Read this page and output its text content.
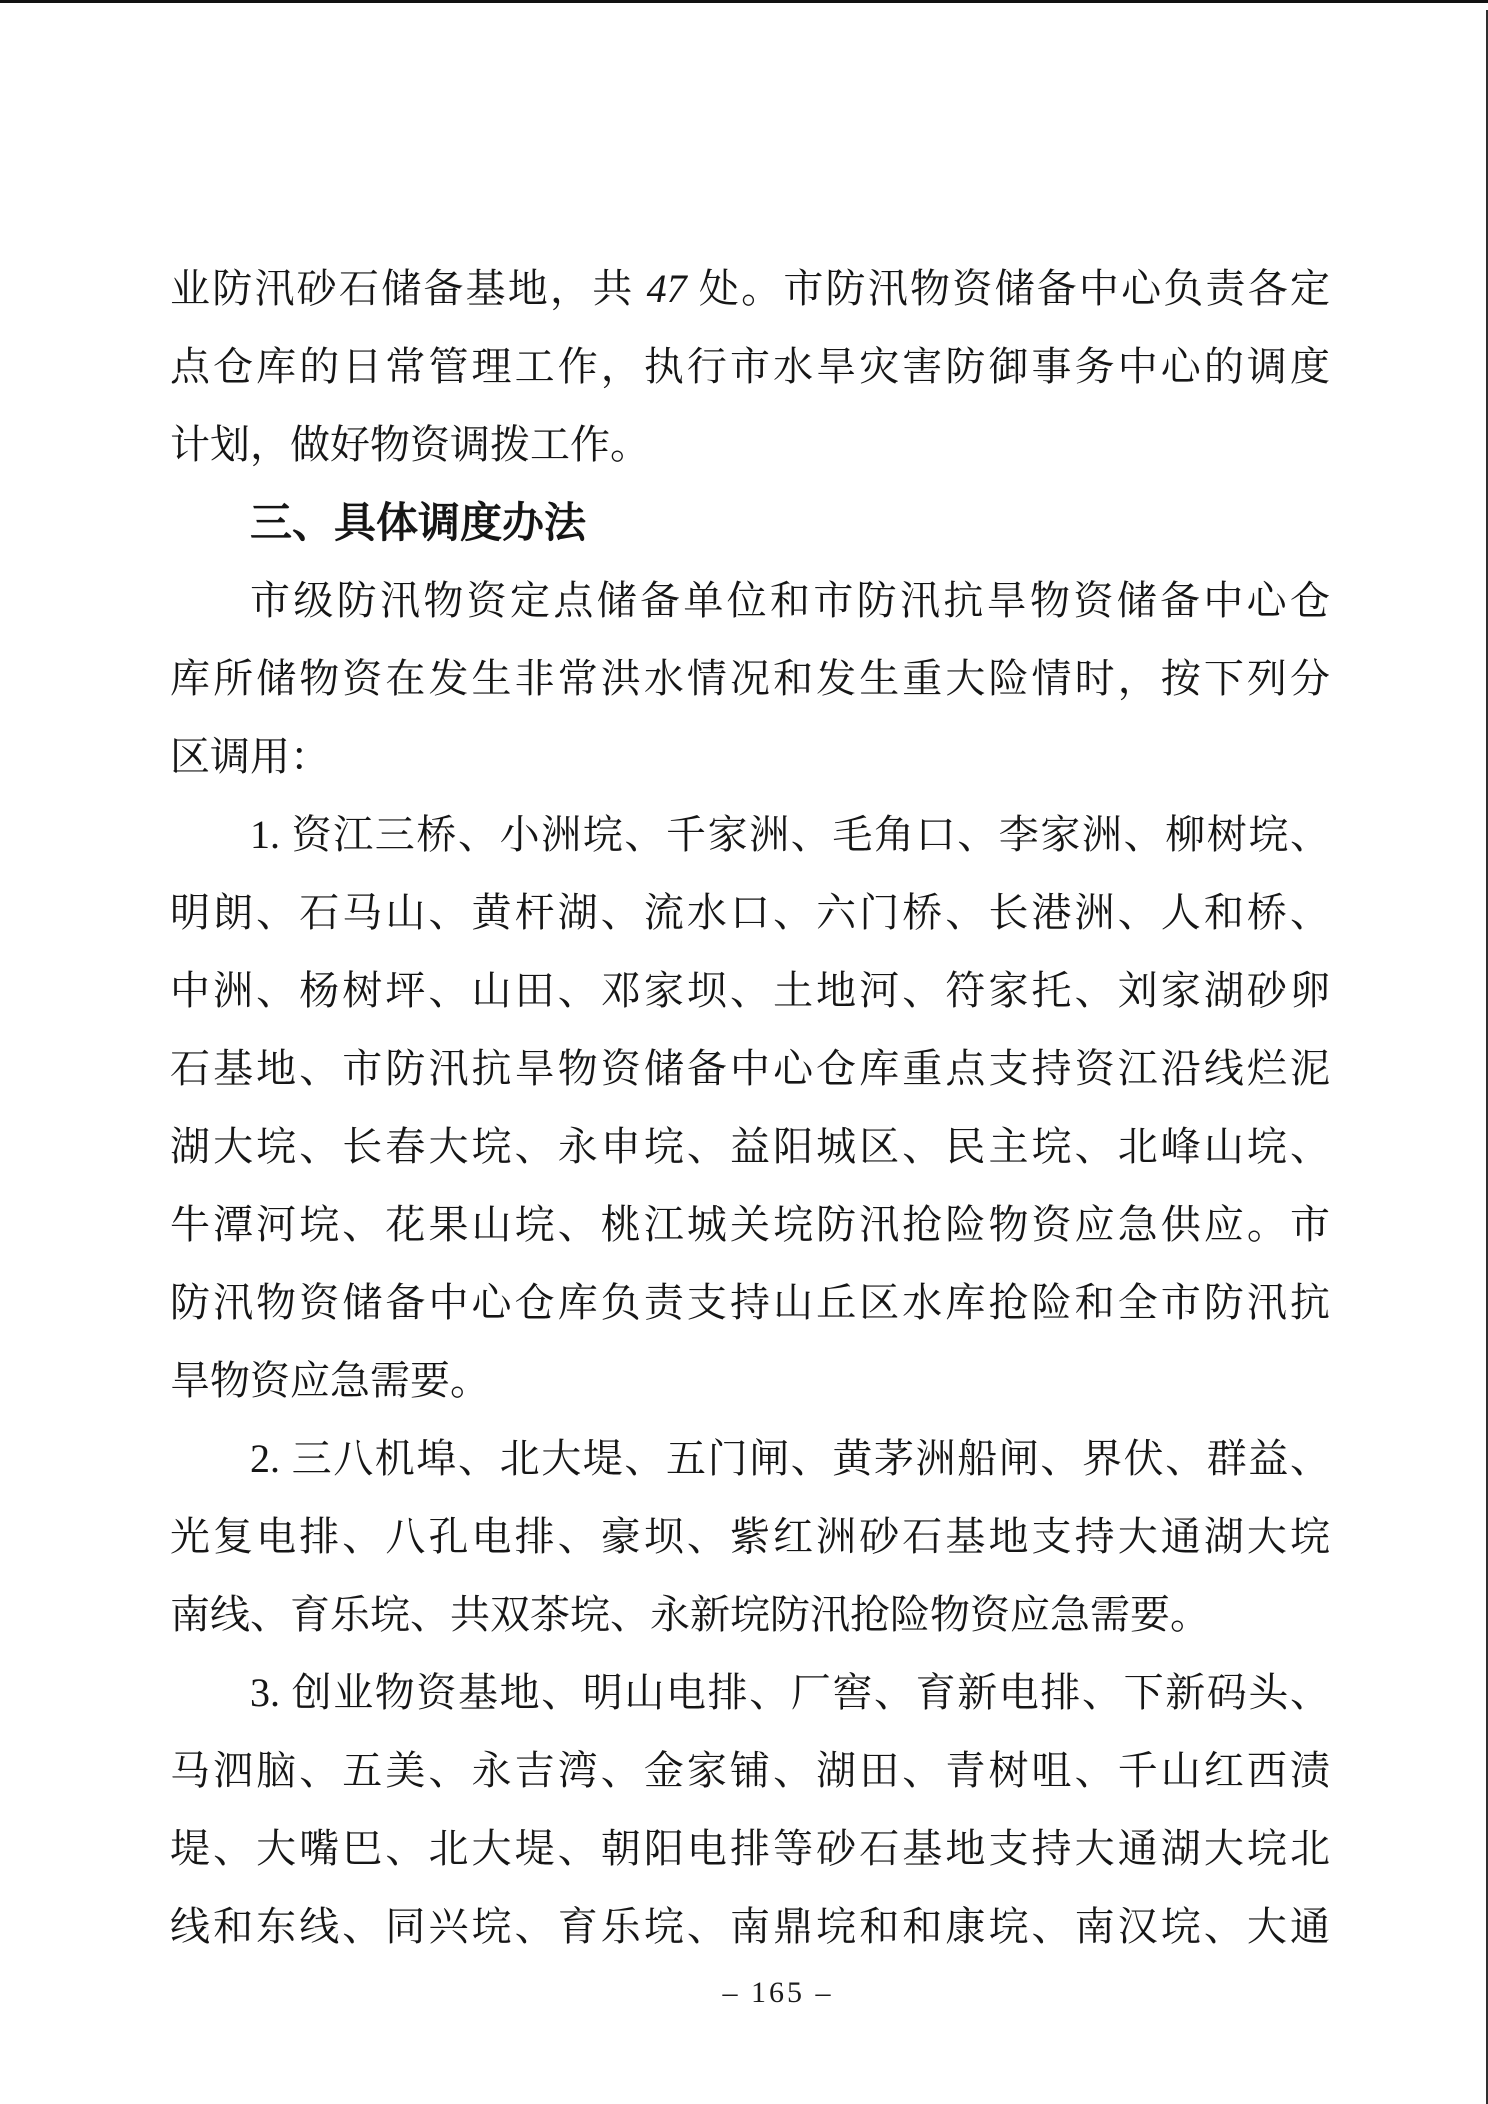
业防汛砂石储备基地，共 47 处。市防汛物资储备中心负责各定
点仓库的日常管理工作，执行市水旱灾害防御事务中心的调度
计划，做好物资调拨工作。
三、具体调度办法
市级防汛物资定点储备单位和市防汛抗旱物资储备中心仓
库所储物资在发生非常洪水情况和发生重大险情时，按下列分
区调用：
1. 资江三桥、小洲垸、千家洲、毛角口、李家洲、柳树垸、
明朗、石马山、黄杆湖、流水口、六门桥、长港洲、人和桥、
中洲、杨树坪、山田、邓家坝、土地河、符家托、刘家湖砂卵
石基地、市防汛抗旱物资储备中心仓库重点支持资江沿线烂泥
湖大垸、长春大垸、永申垸、益阳城区、民主垸、北峰山垸、
牛潭河垸、花果山垸、桃江城关垸防汛抢险物资应急供应。市
防汛物资储备中心仓库负责支持山丘区水库抢险和全市防汛抗
旱物资应急需要。
2. 三八机埠、北大堤、五门闸、黄茅洲船闸、界伏、群益、
光复电排、八孔电排、豪坝、紫红洲砂石基地支持大通湖大垸
南线、育乐垸、共双茶垸、永新垸防汛抢险物资应急需要。
3. 创业物资基地、明山电排、厂窖、育新电排、下新码头、
马泗脑、五美、永吉湾、金家铺、湖田、青树咀、千山红西渍
堤、大嘴巴、北大堤、朝阳电排等砂石基地支持大通湖大垸北
线和东线、同兴垸、育乐垸、南鼎垸和和康垸、南汉垸、大通
– 165 –
